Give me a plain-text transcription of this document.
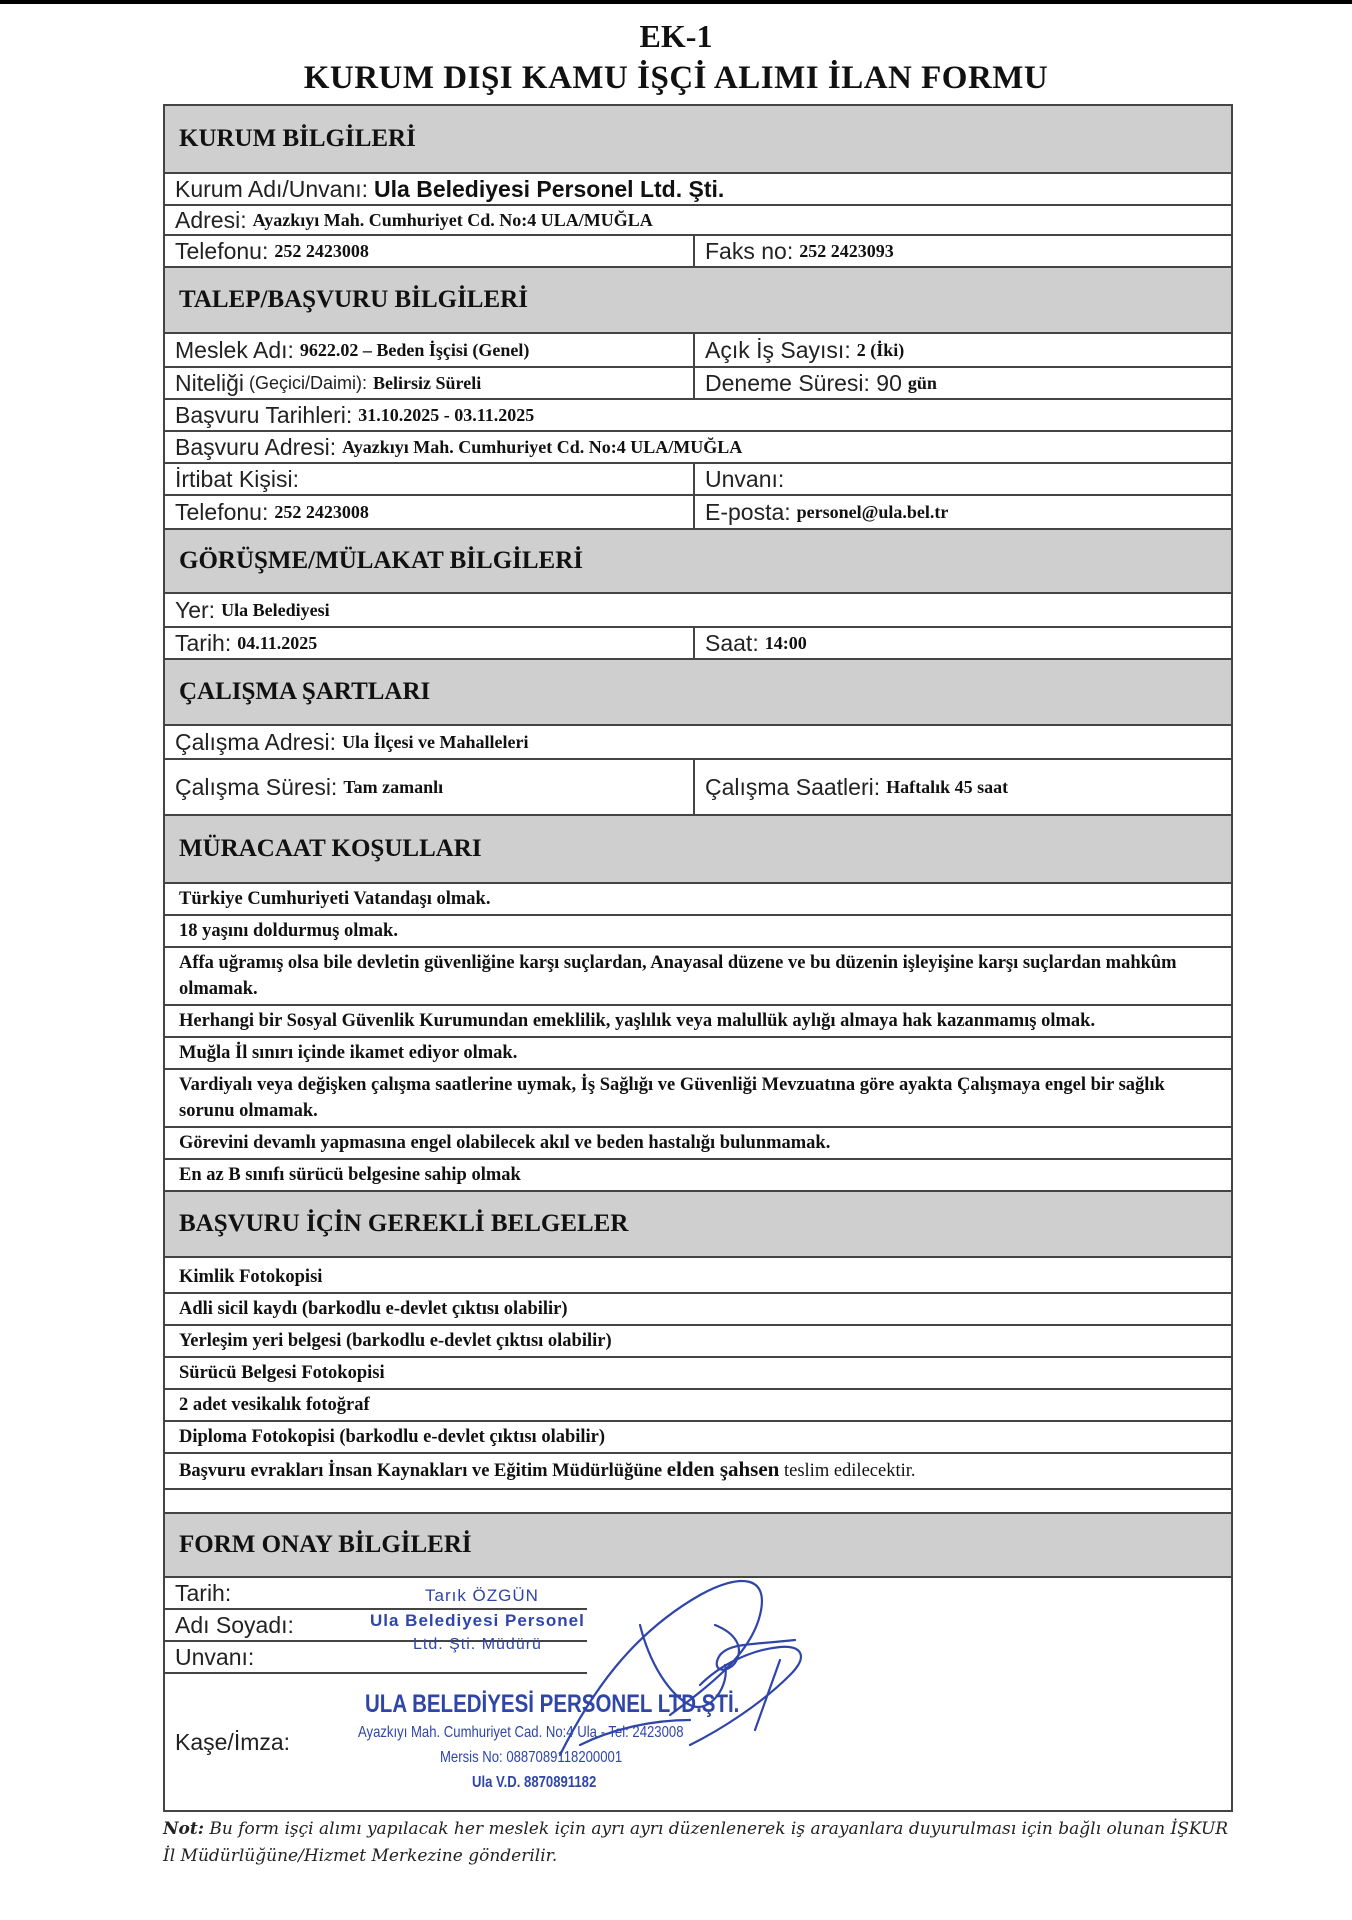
EK-1
KURUM DIŞI KAMU İŞÇİ ALIMI İLAN FORMU
KURUM BİLGİLERİ
Kurum Adı/Unvanı: Ula Belediyesi Personel Ltd. Şti.
Adresi: Ayazkıyı Mah. Cumhuriyet Cd. No:4 ULA/MUĞLA
Telefonu: 252 2423008	Faks no: 252 2423093
TALEP/BAŞVURU BİLGİLERİ
Meslek Adı: 9622.02 – Beden İşçisi (Genel)	Açık İş Sayısı: 2 (İki)
Niteliği (Geçici/Daimi): Belirsiz Süreli	Deneme Süresi: 90 gün
Başvuru Tarihleri: 31.10.2025 - 03.11.2025
Başvuru Adresi: Ayazkıyı Mah. Cumhuriyet Cd. No:4 ULA/MUĞLA
İrtibat Kişisi:	Unvanı:
Telefonu: 252 2423008	E-posta: personel@ula.bel.tr
GÖRÜŞME/MÜLAKAT BİLGİLERİ
Yer: Ula Belediyesi
Tarih: 04.11.2025	Saat: 14:00
ÇALIŞMA ŞARTLARI
Çalışma Adresi: Ula İlçesi ve Mahalleleri
Çalışma Süresi: Tam zamanlı	Çalışma Saatleri: Haftalık 45 saat
MÜRACAAT KOŞULLARI
Türkiye Cumhuriyeti Vatandaşı olmak.
18 yaşını doldurmuş olmak.
Affa uğramış olsa bile devletin güvenliğine karşı suçlardan, Anayasal düzene ve bu düzenin işleyişine karşı suçlardan mahkûm olmamak.
Herhangi bir Sosyal Güvenlik Kurumundan emeklilik, yaşlılık veya malullük aylığı almaya hak kazanmamış olmak.
Muğla İl sınırı içinde ikamet ediyor olmak.
Vardiyalı veya değişken çalışma saatlerine uymak, İş Sağlığı ve Güvenliği Mevzuatına göre ayakta Çalışmaya engel bir sağlık sorunu olmamak.
Görevini devamlı yapmasına engel olabilecek akıl ve beden hastalığı bulunmamak.
En az B sınıfı sürücü belgesine sahip olmak
BAŞVURU İÇİN GEREKLİ BELGELER
Kimlik Fotokopisi
Adli sicil kaydı (barkodlu e-devlet çıktısı olabilir)
Yerleşim yeri belgesi (barkodlu e-devlet çıktısı olabilir)
Sürücü Belgesi Fotokopisi
2 adet vesikalık fotoğraf
Diploma Fotokopisi (barkodlu e-devlet çıktısı olabilir)
Başvuru evrakları İnsan Kaynakları ve Eğitim Müdürlüğüne elden şahsen teslim edilecektir.
FORM ONAY BİLGİLERİ
Tarih:
Adı Soyadı:
Unvanı:
Kaşe/İmza:
Tarık ÖZGÜN
Ula Belediyesi Personel
Ltd. Şti. Müdürü
ULA BELEDİYESİ PERSONEL LTD.ŞTİ.
Ayazkıyı Mah. Cumhuriyet Cad. No:4 Ula - Tel: 2423008
Mersis No: 0887089118200001
Ula V.D. 8870891182
Not: Bu form işçi alımı yapılacak her meslek için ayrı ayrı düzenlenerek iş arayanlara duyurulması için bağlı olunan İŞKUR İl Müdürlüğüne/Hizmet Merkezine gönderilir.
